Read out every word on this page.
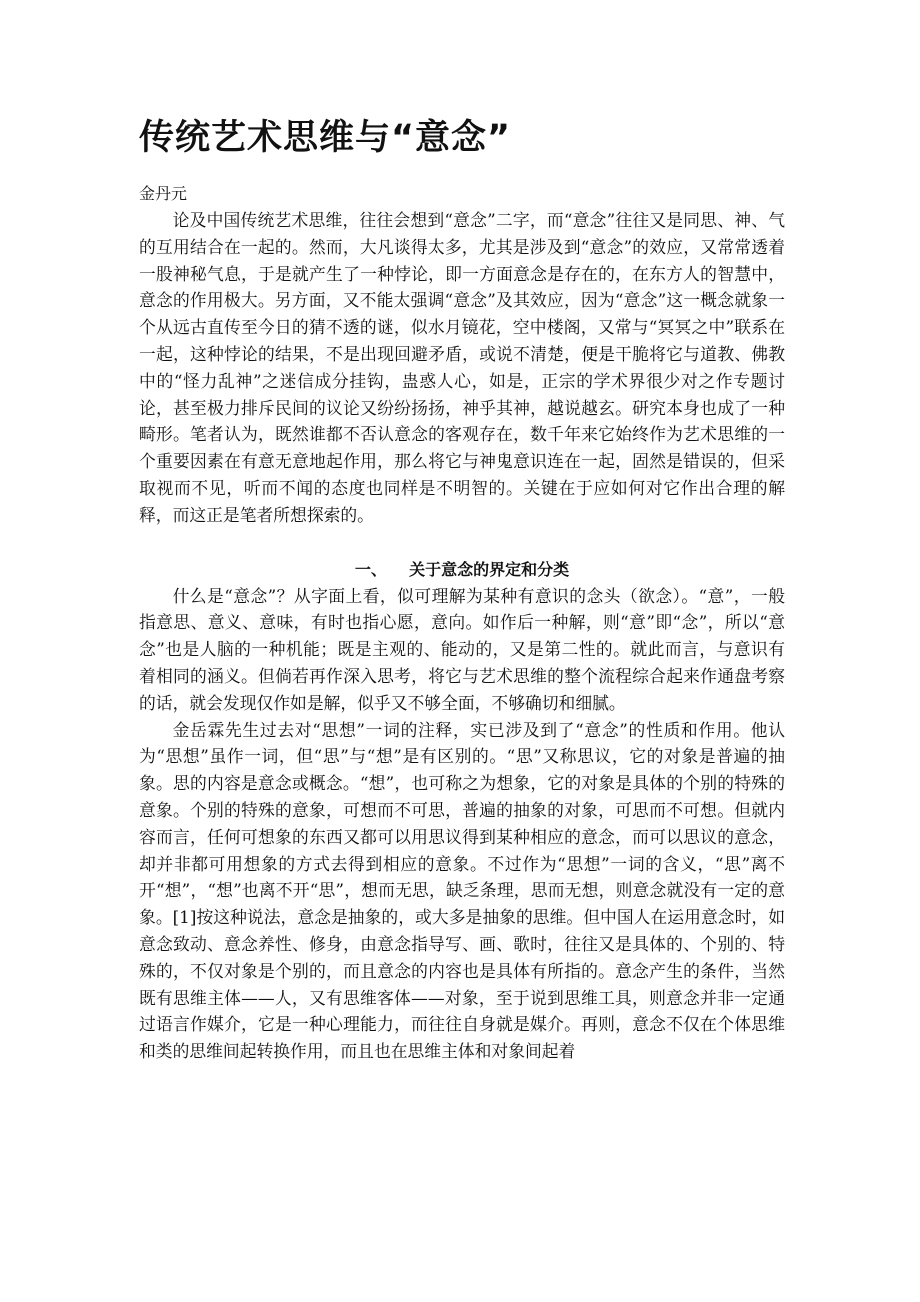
传统艺术思维与“意念”
金丹元

论及中国传统艺术思维，往往会想到“意念”二字，而“意念”往往又是同思、神、气的互用结合在一起的。然而，大凡谈得太多，尤其是涉及到“意念”的效应，又常常透着一股神秘气息，于是就产生了一种悖论，即一方面意念是存在的，在东方人的智慧中，意念的作用极大。另方面，又不能太强调“意念”及其效应，因为“意念”这一概念就象一个从远古直传至今日的猜不透的谜，似水月镜花，空中楼阁，又常与“冥冥之中”联系在一起，这种悖论的结果，不是出现回避矛盾，或说不清楚，便是干脆将它与道教、佛教中的“怪力乱神”之迷信成分挂钩，蛊惑人心，如是，正宗的学术界很少对之作专题讨论，甚至极力排斥民间的议论又纷纷扬扬，神乎其神，越说越玄。研究本身也成了一种畸形。笔者认为，既然谁都不否认意念的客观存在，数千年来它始终作为艺术思维的一个重要因素在有意无意地起作用，那么将它与神鬼意识连在一起，固然是错误的，但采取视而不见，听而不闻的态度也同样是不明智的。关键在于应如何对它作出合理的解释，而这正是笔者所想探索的。

一、    关于意念的界定和分类

什么是“意念”？从字面上看，似可理解为某种有意识的念头（欲念）。“意”，一般指意思、意义、意味，有时也指心愿，意向。如作后一种解，则“意”即“念”，所以“意念”也是人脑的一种机能；既是主观的、能动的，又是第二性的。就此而言，与意识有着相同的涵义。但倘若再作深入思考，将它与艺术思维的整个流程综合起来作通盘考察的话，就会发现仅作如是解，似乎又不够全面，不够确切和细腻。

金岳霖先生过去对“思想”一词的注释，实已涉及到了“意念”的性质和作用。他认为“思想”虽作一词，但“思”与“想”是有区别的。“思”又称思议，它的对象是普遍的抽象。思的内容是意念或概念。“想”，也可称之为想象，它的对象是具体的个别的特殊的意象。个别的特殊的意象，可想而不可思，普遍的抽象的对象，可思而不可想。但就内容而言，任何可想象的东西又都可以用思议得到某种相应的意念，而可以思议的意念，却并非都可用想象的方式去得到相应的意象。不过作为“思想”一词的含义，“思”离不开“想”，“想”也离不开“思”，想而无思，缺乏条理，思而无想，则意念就没有一定的意象。[1]按这种说法，意念是抽象的，或大多是抽象的思维。但中国人在运用意念时，如意念致动、意念养性、修身，由意念指导写、画、歌时，往往又是具体的、个别的、特殊的，不仅对象是个别的，而且意念的内容也是具体有所指的。意念产生的条件，当然既有思维主体——人，又有思维客体——对象，至于说到思维工具，则意念并非一定通过语言作媒介，它是一种心理能力，而往往自身就是媒介。再则，意念不仅在个体思维和类的思维间起转换作用，而且也在思维主体和对象间起着
